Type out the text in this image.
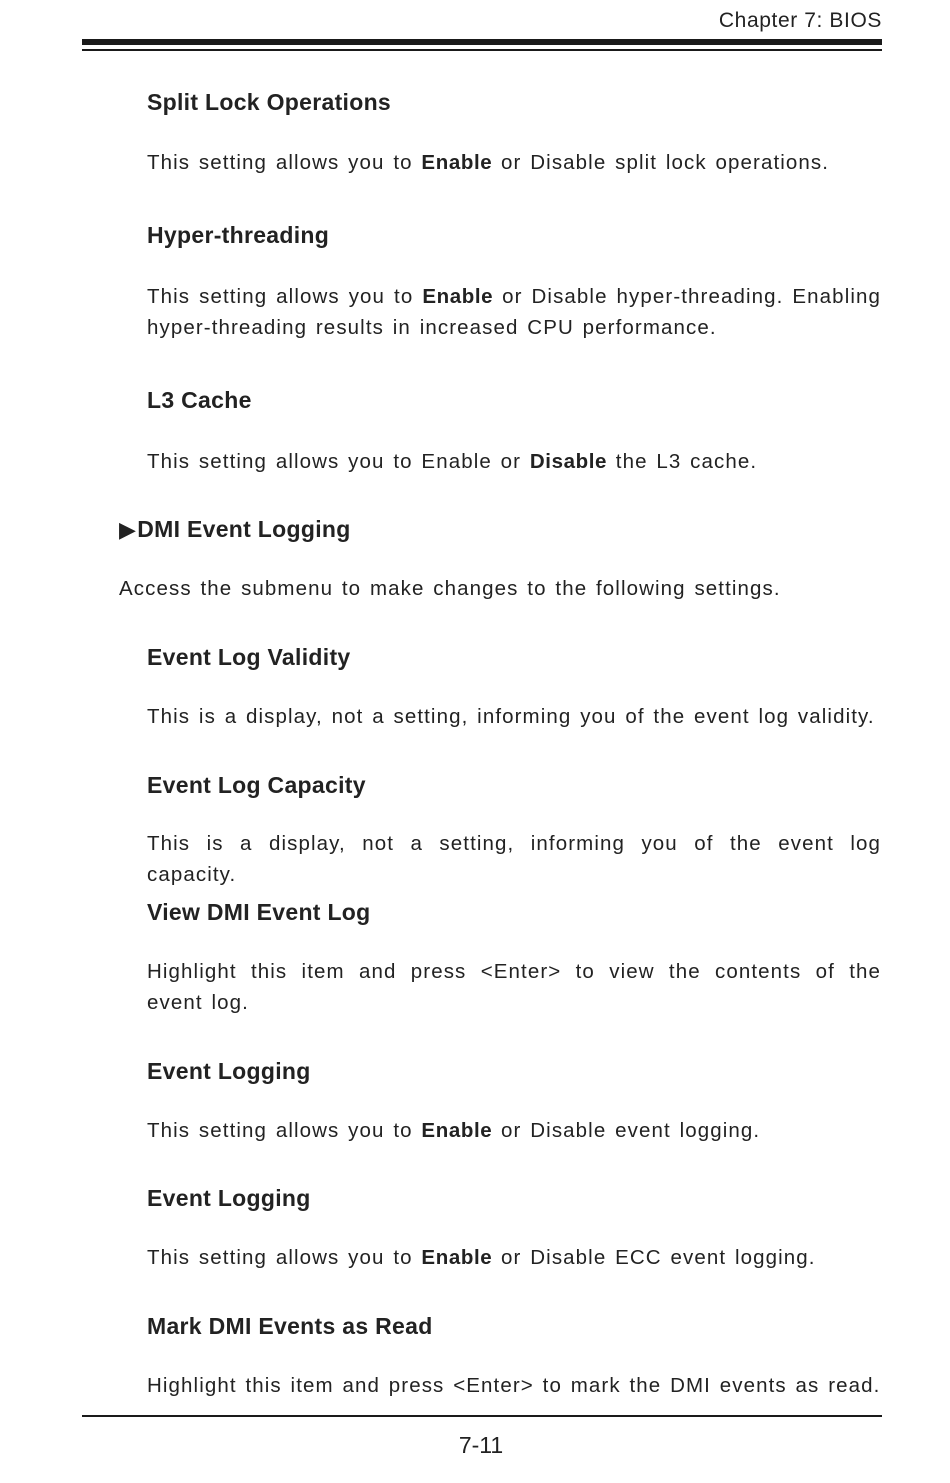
Chapter 7: BIOS
Split Lock Operations

This setting allows you to Enable or Disable split lock operations.

Hyper-threading

This setting allows you to Enable or Disable hyper-threading. Enabling hyper-threading results in increased CPU performance.

L3 Cache

This setting allows you to Enable or Disable the L3 cache.

▶DMI Event Logging

Access the submenu to make changes to the following settings.

Event Log Validity

This is a display, not a setting, informing you of the event log validity.

Event Log Capacity

This is a display, not a setting, informing you of the event log capacity.

View DMI Event Log

Highlight this item and press <Enter> to view the contents of the event log.

Event Logging

This setting allows you to Enable or Disable event logging.

Event Logging

This setting allows you to Enable or Disable ECC event logging.

Mark DMI Events as Read

Highlight this item and press <Enter> to mark the DMI events as read.

7-11
